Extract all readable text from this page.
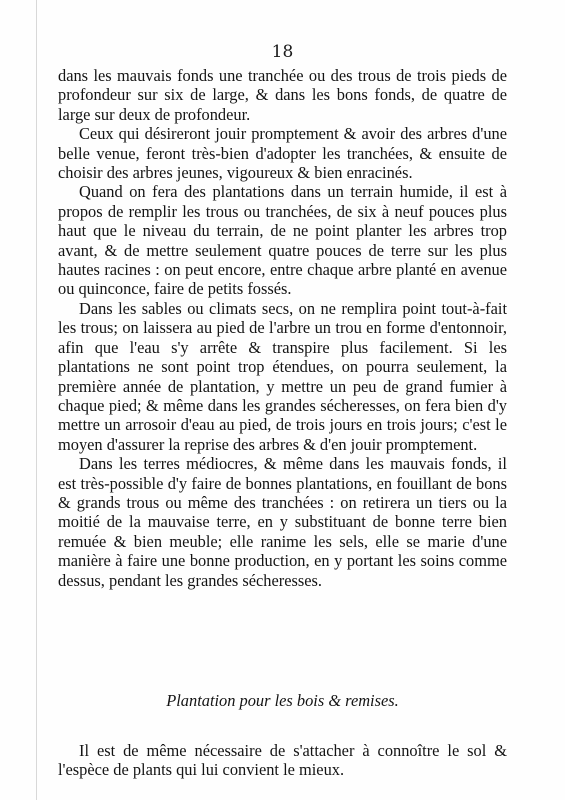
18

dans les mauvais fonds une tranchée ou des trous de trois pieds de profondeur sur six de large, & dans les bons fonds, de quatre de large sur deux de profondeur.

Ceux qui désireront jouir promptement & avoir des arbres d'une belle venue, feront très-bien d'adopter les tranchées, & ensuite de choisir des arbres jeunes, vigoureux & bien enracinés.

Quand on fera des plantations dans un terrain humide, il est à propos de remplir les trous ou tranchées, de six à neuf pouces plus haut que le niveau du terrain, de ne point planter les arbres trop avant, & de mettre seulement quatre pouces de terre sur les plus hautes racines : on peut encore, entre chaque arbre planté en avenue ou quinconce, faire de petits fossés.

Dans les sables ou climats secs, on ne remplira point tout-à-fait les trous; on laissera au pied de l'arbre un trou en forme d'entonnoir, afin que l'eau s'y arrête & transpire plus facilement. Si les plantations ne sont point trop étendues, on pourra seulement, la première année de plantation, y mettre un peu de grand fumier à chaque pied; & même dans les grandes sécheresses, on fera bien d'y mettre un arrosoir d'eau au pied, de trois jours en trois jours; c'est le moyen d'assurer la reprise des arbres & d'en jouir promptement.

Dans les terres médiocres, & même dans les mauvais fonds, il est très-possible d'y faire de bonnes plantations, en fouillant de bons & grands trous ou même des tranchées : on retirera un tiers ou la moitié de la mauvaise terre, en y substituant de bonne terre bien remuée & bien meuble; elle ranime les sels, elle se marie d'une manière à faire une bonne production, en y portant les soins comme dessus, pendant les grandes sécheresses.

Plantation pour les bois & remises.

Il est de même nécessaire de s'attacher à connoître le sol & l'espèce de plants qui lui convient le mieux.
